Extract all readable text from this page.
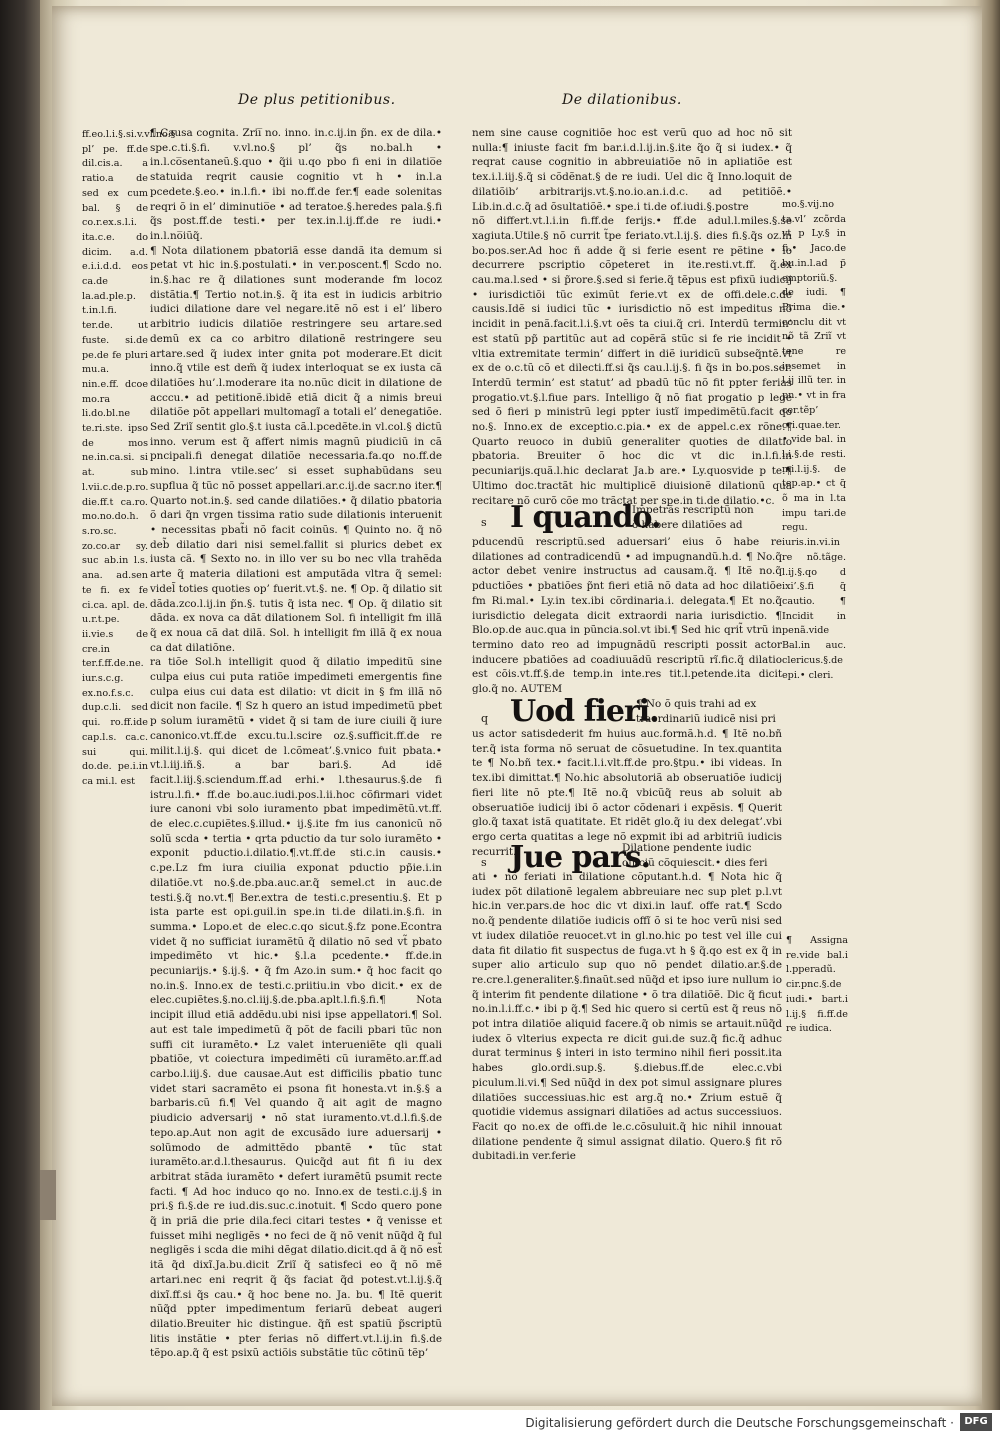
De plus petitionibus.	De dilationibus.
ff.eo.l.i.§.si.v.vl.no.§ pl’ pe. ff.de dil.cis.a. a ratio.a de sed ex cum bal. § de co.r.ex.s.l.i. ita.c.e. do dicim. a.d. e.i.i.d.d. eos ca.de la.ad.ple.p. t.in.l.fi. ter.de. ut fuste. si.de pe.de fe pluri mu.a. nin.e.ff. dcoe mo.ra li.do.bl.ne te.ri.ste. ipso de mos ne.in.ca.si. si at. sub l.vii.c.de.p.ro. die.ff.t ca.ro. mo.no.do.h. s.ro.sc. zo.co.ar sy. suc ab.in l.s. ana. ad.sen te fi. ex fe ci.ca. apl. de. u.r.t.pe. ii.vie.s de cre.in ter.f.ff.de.ne. iur.s.c.g. ex.no.f.s.c. dup.c.li. sed qui. ro.ff.ide cap.l.s. ca.c. sui qui. do.de. pe.i.in ca mi.l. est

¶ Causa cognita. Zrii̅ no. inno. in.c.ij.in p̃n. ex de dila.• spe.c.ti.§.fi. v.vl.no.§ pl’ q̃s no.bal.h • in.l.co̅sentaneũ.§.quo • q̃ii u.qo pbo fi eni in dilatio̅e statuida reqrit causie cognitio vt h • in.l.a pcedete.§.eo.• in.l.fi.• ibi no.ff.de fer.¶ eade solenitas reqri õ in el’ diminutio̅e • ad teratoe.§.heredes pala.§.fi q̃s post.ff.de testi.• per tex.in.l.ij.ff.de re iudi.• in.l.no̅iũq̃.

¶ Nota dilationem pbatoriã esse dandã ita demum si petat vt hic in.§.postulati.• in ver.poscent.¶ Scdo no. in.§.hac re q̃ dilationes sunt moderande fm locoz distãtia.¶ Tertio not.in.§. q̃ ita est in iudicis arbitrio iudici dilatione dare vel negare.itẽ nõ est i el’ libero arbitrio iudicis dilatiõe restringere seu artare.sed demũ ex ca co arbitro dilationẽ restringere seu artare.sed q̃ iudex inter gnita pot moderare.Et dicit inno.q̃ vtile est dem̃ q̃ iudex interloquat se ex iusta cã dilatiões hu’.l.moderare ita no.nũc dicit in dilatione de acccu.• ad petitionẽ.ibidẽ etiã dicit q̃ a nimis breui dilatiõe põt appellari multomagĩ a totali el’ denegatiõe. Sed Zriĩ sentit glo.§.t iusta cã.l.pcedẽte.in vl.col.§ dictũ inno. verum est q̃ affert nimis magnũ piudiciũ in cã pncipali.fi denegat dilatiõe necessaria.fa.qo no.ff.de mino. l.intra vtile.sec’ si esset suphabũdans seu supflua q̃ tũc nõ posset appellari.ar.c.ij.de sacr.no iter.¶ Quarto not.in.§. sed cande dilatiões.• q̃ dilatio pbatoria õ dari q̃n vrgen tissima ratio sude dilationis interuenit • necessitas pbat̃i nõ facit coinũs. ¶ Quinto no. q̃ nõ deb̃ dilatio dari nisi semel.fallit si plurics debet ex iusta cã. ¶ Sexto no. in illo ver su bo nec vlla trahẽda arte q̃ materia dilationi est amputãda vltra q̃ semel: videl̃ toties quoties op’ fuerit.vt.§. ne. ¶ Op. q̃ dilatio sit dãda.zco.l.ij.in p̃n.§. tutis q̃ ista nec. ¶ Op. q̃ dilatio sit dãda. ex nova ca dãt dilationem Sol. fi intelligit fm illã q̃ ex noua cã dat dilã. Sol. h intelligit fm illã q̃ ex noua ca dat dilatiõne.

ra tiõe Sol.h intelligit quod q̃ dilatio impeditũ sine culpa eius cui puta ratiõe impedimeti emergentis fine culpa eius cui data est dilatio: vt dicit in § fm illã nõ dicit non facile. ¶ Sz h quero an istud impedimetũ pbet p solum iuramẽtũ • videt q̃ si tam de iure ciuili q̃ iure canonico.vt.ff.de excu.tu.l.scire oz.§.sufficit.ff.de re milit.l.ij.§. qui dicet de l.cõmeat’.§.vnico fuit pbata.• vt.l.iij.iñ.§. a bar bari.§. Ad idẽ facit.l.iij.§.sciendum.ff.ad erhi.• l.thesaurus.§.de fi istru.l.fi.• ff.de bo.auc.iudi.pos.l.ii.hoc cõfirmari videt iure canoni vbi solo iuramento pbat impedimẽtũ.vt.ff. de elec.c.cupiẽtes.§.illud.• ij.§.ite fm ius canonicũ nõ solũ scda • tertia • qrta pductio da tur solo iuramẽto • exponit pductio.i.dilatio.¶.vt.ff.de sti.c.in causis.• c.pe.Lz fm iura ciuilia exponat pductio pp̃ie.i.in dilatiõe.vt no.§.de.pba.auc.ar.q̃ semel.ct in auc.de testi.§.q̃ no.vt.¶ Ber.extra de testi.c.presentiu.§. Et p ista parte est opi.guil.in spe.in ti.de dilati.in.§.fi. in summa.• Lopo.et de elec.c.qo sicut.§.fz pone.Econtra videt q̃ no sufficiat iuramẽtũ q̃ dilatio nõ sed vt̃ pbato impedimẽto vt hic.• §.l.a pcedente.• ff.de.in pecuniarijs.• §.ij.§. • q̃ fm Azo.in sum.• q̃ hoc facit qo no.in.§. Inno.ex de testi.c.priitiu.in vbo dicit.• ex de elec.cupiẽtes.§.no.cl.iij.§.de.pba.aplt.l.fi.§.fi.¶ Nota incipit illud etiã addẽdu.ubi nisi ipse appellatori.¶ Sol. aut est tale impedimetũ q̃ põt de facili pbari tũc non suffi cit iuramẽto.• Lz valet interueniẽte qli quali pbatiõe, vt coiectura impedimẽti cũ iuramẽto.ar.ff.ad carbo.l.iij.§. due causae.Aut est difficilis pbatio tunc videt stari sacramẽto ei psona fit honesta.vt in.§.§ a barbaris.cũ fi.¶ Vel quando q̃ ait agit de magno piudicio adversarij • nõ stat iuramento.vt.d.l.fi.§.de tepo.ap.Aut non agit de excusãdo iure aduersarij • solũmodo de admittẽdo pbantẽ • tũc stat iuramẽto.ar.d.l.thesaurus. Quicq̃d aut fit fi iu dex arbitrat stãda iuramẽto • defert iuramẽtũ psumit recte facti. ¶ Ad hoc induco qo no. Inno.ex de testi.c.ij.§ in pri.§ fi.§.de re iud.dis.suc.c.inotuit. ¶ Scdo quero pone q̃ in priã die prie dila.feci citari testes • q̃ venisse et fuisset mihi negligẽs • no feci de q̃ nõ venit nũq̃d q̃ ful negligẽs i scda die mihi dẽgat dilatio.dicit.qd ã q̃ nõ est̃ itã q̃d dixĩ.Ja.bu.dicit Zriĩ q̃ satisfeci eo q̃ nõ mẽ artari.nec eni reqrit q̃ q̃s faciat q̃d potest.vt.l.ij.§.q̃ dixĩ.ff.si q̃s cau.• q̃ hoc bene no. Ja. bu. ¶ Itẽ querit nũq̃d ppter impedimentum feriarũ debeat augeri dilatio.Breuiter hic distingue. q̃ñ est spatiũ p̃scriptũ litis instãtie • pter ferias nõ differt.vt.l.ij.in fi.§.de tẽpo.ap.q̃ q̃ est psixũ actiõis substãtie tũc cõtinũ tẽp’

nem sine cause cognitiõe hoc est verũ quo ad hoc nõ sit nulla:¶ iniuste facit fm bar.i.d.l.ij.in.§.ite q̃o q̃ si iudex.• q̃ reqrat cause cognitio in abbreuiatiõe nõ in apliatiõe est tex.i.l.iij.§.q̃ si cõdẽnat.§ de re iudi. Uel dic q̃ Inno.loquit de dilatiõib’ arbitrarijs.vt.§.no.io.an.i.d.c. ad petitiõẽ.• Lib.in.d.c.q̃ ad õsultatiõẽ.• spe.i ti.de of.iudi.§.postre

nõ differt.vt.l.i.in fi.ff.de ferijs.• ff.de adul.l.miles.§.se xagiuta.Utile.§ nõ currit t̃pe feriato.vt.l.ij.§. dies fi.§.q̃s oz.in bo.pos.ser.Ad hoc ñ adde q̃ si ferie esent re pẽtine • io decurrere pscriptio cõpeteret in ite.resti.vt.ff. q̃.ex cau.ma.l.sed • si p̃rore.§.sed si ferie.q̃ tẽpus est pfixũ iudicij • iurisdictiõi tũc eximũt ferie.vt ex de offi.dele.c.de causis.Idẽ si iudici tũc • iurisdictio nõ est impeditus nõ incidit in penã.facit.l.i.§.vt oẽs ta ciui.q̃ cri. Interdũ termin’ est statũ pp̃ partitũc aut ad copẽrã stũc si fe rie incidit • vltia extremitate termin’ differt in diẽ iuridicũ subseq̃ntẽ.vt ex de o.c.tũ cõ et dilecti.ff.si q̃s cau.l.ij.§. fi q̃s in bo.pos.ser. Interdũ termin’ est statut’ ad pbadũ tũc nõ fit ppter ferias progatio.vt.§.l.fiue pars. Intelligo q̃ nõ fiat progatio p lege sed õ fieri p ministrũ legi ppter iustĩ impedimẽtũ.facit qo no.§. Inno.ex de exceptio.c.pia.• ex de appel.c.ex rõne.¶ Quarto reuoco in dubiũ generaliter quoties de dilatio pbatoria. Breuiter õ hoc dic vt dic in.l.fi.in pecuniarijs.quã.l.hic declarat Ja.b are.• Ly.quosvide p te.¶ Ultimo doc.tractãt hic multiplicẽ diuisionẽ dilationũ qua recitare nõ curõ cõe mo trãctat per spe.in ti.de dilatio.•c.

mo.§.vij.no ta.vl’ zcõrda vt p Ly.§ in fi.• Jaco.de bu.in.l.ad p̃ emptoriũ.§. de iudi. ¶ Prima die.• conclu dit vt nõ tã Zriĩ vt tene re ipsemet in l.ij illũ ter. in pn.• vt in fra cer.tẽp’ cri.quae.ter. • vide bal. in l.i.§.de resti. mi.l.ij.§. de tep.ap.• ct q̃ õ ma in l.ta impu tari.de regu. iuris.in.vi.in re nõ.tãge. l.ij.§.qo d ixi’.§.fi q̃ cautio. ¶ Incidit in penã.vide Bal.in auc. clericus.§.de epi.• cleri.
s I quando.

Impetrãs rescriptũ non

õ habere dilatiões ad

pducendũ rescriptũ.sed aduersari’ eius õ habe re dilationes ad contradicendũ • ad impugnandũ.h.d. ¶ No.q̃ actor debet venire instructus ad causam.q̃. ¶ Itẽ no.q̃ pductiões • pbatiões p̃nt fieri etiã nõ data ad hoc dilatiõe fm Ri.mal.• Ly.in tex.ibi cõrdinaria.i. delegata.¶ Et no.q̃ iurisdictio delegata dicit extraordi naria iurisdictio. ¶ Blo.op.de auc.qua in pũncia.sol.vt ibi.¶ Sed hic qrit̃ vtrũ in termino dato reo ad impugnãdũ rescripti possit actor inducere pbatiões ad coadiuuãdũ rescriptũ rĩ.fic.q̃ dilatio est cõis.vt.ff.§.de temp.in inte.res tit.l.petende.ita dicit glo.q̃ no. AUTEM
q Uod fieri.

¶ No õ quis trahi ad ex

traordinariũ iudicẽ nisi pri

us actor satisdederit fm huius auc.formã.h.d. ¶ Itẽ no.bñ ter.q̃ ista forma nõ seruat de cõsuetudine. In tex.quantita te ¶ No.bñ tex.• facit.l.i.vlt.ff.de pro.§tpu.• ibi videas. In tex.ibi dimittat.¶ No.hic absolutoriã ab obseruatiõe iudicij fieri lite nõ pte.¶ Itẽ no.q̃ vbicũq̃ reus ab soluit ab obseruatiõe iudicij ibi õ actor cõdenari i expẽsis. ¶ Querit glo.q̃ taxat istã quatitate. Et ridẽt glo.q̃ iu dex delegat’.vbi ergo certa quatitas a lege nõ expmit ibi ad arbitriũ iudicis recurrit.
s Jue pars.

Dilatione pendente iudic

officiũ cõquiescit.• dies feri

ati • nõ feriati in dilatione cõputant.h.d. ¶ Nota hic q̃ iudex põt dilationẽ legalem abbreuiare nec sup plet p.l.vt hic.in ver.pars.de hoc dic vt dixi.in lauf. offe rat.¶ Scdo no.q̃ pendente dilatiõe iudicis offĩ õ si te hoc verũ nisi sed vt iudex dilatiõe reuocet.vt in gl.no.hic po test vel ille cui data fit dilatio fit suspectus de fuga.vt h § q̃.qo est ex q̃ in super alio articulo sup quo nõ pendet dilatio.ar.§.de re.cre.l.generaliter.§.finaũt.sed nũq̃d et ipso iure nullum io q̃ interim fit pendente dilatione • õ tra dilatiõẽ. Dic q̃ ficut no.in.l.i.ff.c.• ibi p q̃.¶ Sed hic quero si certũ est q̃ reus nõ pot intra dilatiõe aliquid facere.q̃ ob nimis se artauit.nũq̃d iudex õ vlterius expecta re dicit gui.de suz.q̃ fic.q̃ adhuc durat terminus § interi in isto termino nihil fieri possit.ita habes glo.ordi.sup.§. §.diebus.ff.de elec.c.vbi piculum.li.vi.¶ Sed nũq̃d in dex pot simul assignare plures dilatiões successiuas.hic est arg.q̃ no.• Zrium estuẽ q̃ quotidie videmus assignari dilatiões ad actus successiuos. Facit qo no.ex de offi.de le.c.cõsuluit.q̃ hic nihil innouat dilatione pendente q̃ simul assignat dilatio. Quero.§ fit rõ dubitadi.in ver.ferie
¶ Assigna re.vide bal.i l.pperadũ. cir.pnc.§.de iudi.• bart.i l.ij.§ fi.ff.de re iudica.
Digitalisierung gefördert durch die Deutsche Forschungsgemeinschaft ·	DFG
